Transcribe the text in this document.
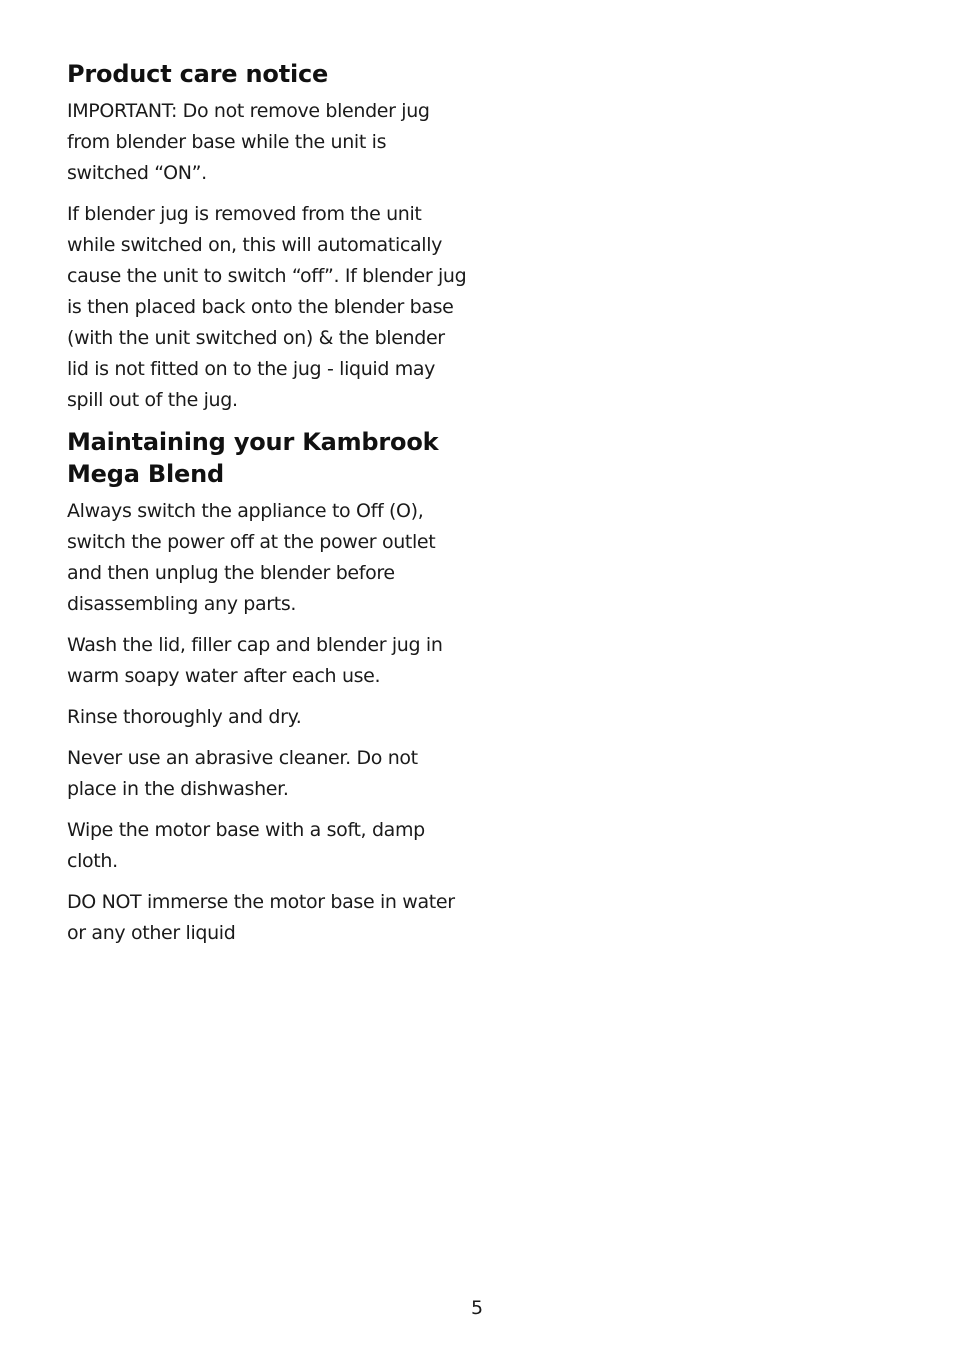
Product care notice

IMPORTANT: Do not remove blender jug from blender base while the unit is switched “ON”.

If blender jug is removed from the unit while switched on, this will automatically cause the unit to switch “off”. If blender jug is then placed back onto the blender base (with the unit switched on) & the blender lid is not fitted on to the jug - liquid may spill out of the jug.

Maintaining your Kambrook Mega Blend

Always switch the appliance to Off (O), switch the power off at the power outlet and then unplug the blender before disassembling any parts.

Wash the lid, filler cap and blender jug in warm soapy water after each use.

Rinse thoroughly and dry.

Never use an abrasive cleaner. Do not place in the dishwasher.

Wipe the motor base with a soft, damp cloth.

DO NOT immerse the motor base in water or any other liquid

5
